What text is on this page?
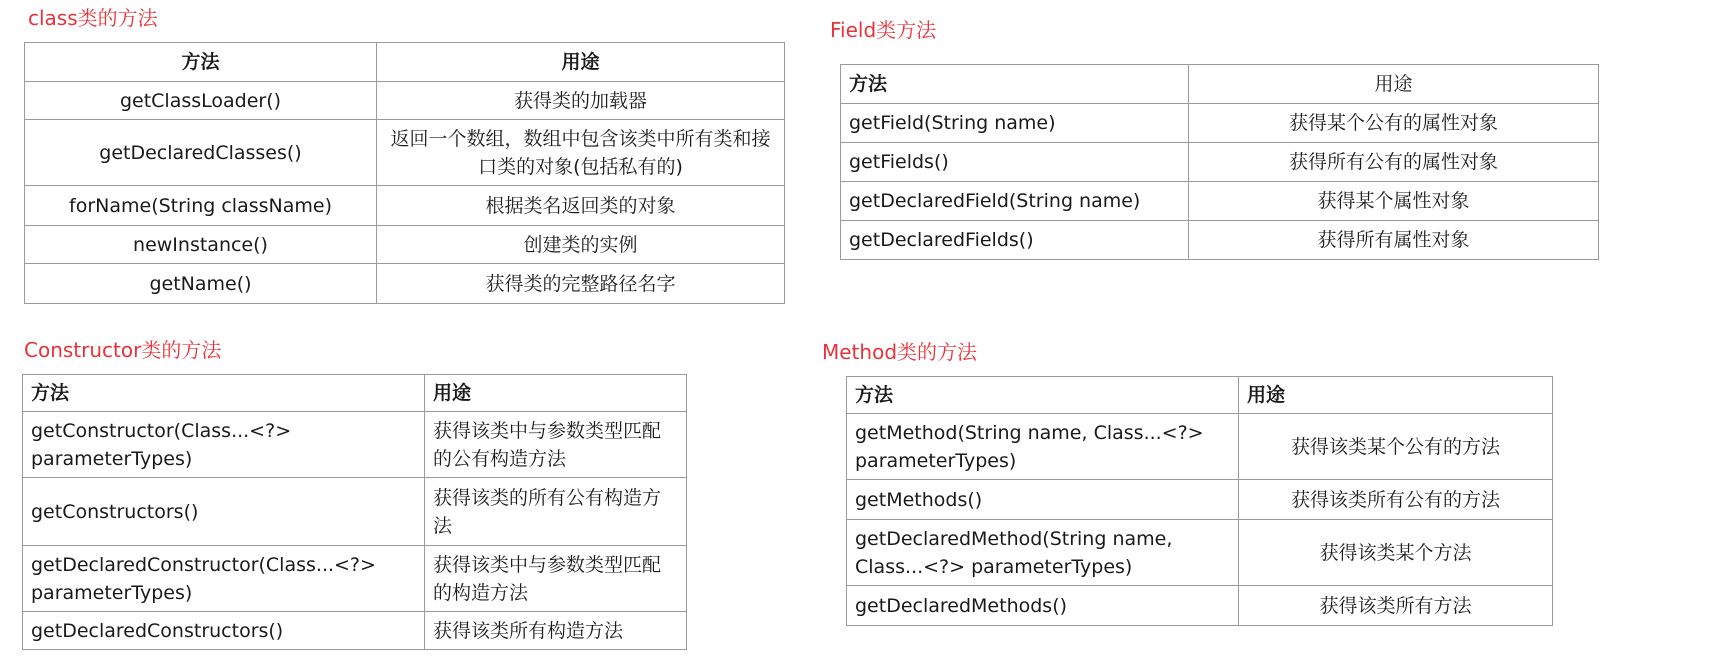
class类的方法
方法	用途
getClassLoader()	获得类的加载器
getDeclaredClasses()	返回一个数组，数组中包含该类中所有类和接口类的对象(包括私有的)
forName(String className)	根据类名返回类的对象
newInstance()	创建类的实例
getName()	获得类的完整路径名字
Field类方法
方法	用途
getField(String name)	获得某个公有的属性对象
getFields()	获得所有公有的属性对象
getDeclaredField(String name)	获得某个属性对象
getDeclaredFields()	获得所有属性对象
Constructor类的方法
方法	用途
getConstructor(Class...<?> parameterTypes)	获得该类中与参数类型匹配的公有构造方法
getConstructors()	获得该类的所有公有构造方法
getDeclaredConstructor(Class...<?> parameterTypes)	获得该类中与参数类型匹配的构造方法
getDeclaredConstructors()	获得该类所有构造方法
Method类的方法
方法	用途
getMethod(String name, Class...<?> parameterTypes)	获得该类某个公有的方法
getMethods()	获得该类所有公有的方法
getDeclaredMethod(String name, Class...<?> parameterTypes)	获得该类某个方法
getDeclaredMethods()	获得该类所有方法
